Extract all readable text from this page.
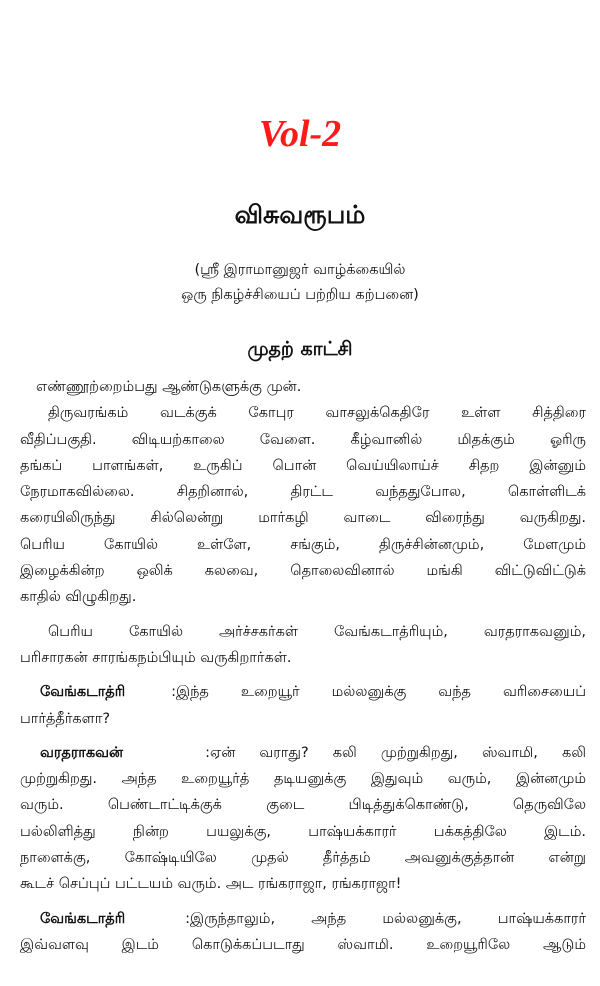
Vol-2
விசுவரூபம்
(ஸ்ரீ இராமானுஜர் வாழ்க்கையில்
ஒரு நிகழ்ச்சியைப் பற்றிய கற்பனை)
முதற் காட்சி
எண்ணூற்றைம்பது ஆண்டுகளுக்கு முன்.
திருவரங்கம் வடக்குக் கோபுர வாசலுக்கெதிரே உள்ள சித்திரை
வீதிப்பகுதி. விடியற்காலை வேளை. கீழ்வானில் மிதக்கும் ஓரிரு
தங்கப் பாளங்கள், உருகிப் பொன் வெய்யிலாய்ச் சிதற இன்னும்
நேரமாகவில்லை. சிதறினால், திரட்ட வந்ததுபோல, கொள்ளிடக்
கரையிலிருந்து சில்லென்று மார்கழி வாடை விரைந்து வருகிறது.
பெரிய கோயில் உள்ளே, சங்கும், திருச்சின்னமும், மேளமும்
இழைக்கின்ற ஒலிக் கலவை, தொலைவினால் மங்கி விட்டுவிட்டுக்
காதில் விழுகிறது.
பெரிய கோயில் அர்ச்சகர்கள் வேங்கடாத்ரியும், வரதராகவனும்,
பரிசாரகன் சாரங்கநம்பியும் வருகிறார்கள்.
வேங்கடாத்ரி	:இந்த உறையூர் மல்லனுக்கு வந்த வரிசையைப்
பார்த்தீர்களா?
வரதராகவன்	:ஏன் வராது? கலி முற்றுகிறது, ஸ்வாமி, கலி
முற்றுகிறது. அந்த உறையூர்த் தடியனுக்கு இதுவும் வரும், இன்னமும்
வரும். பெண்டாட்டிக்குக் குடை பிடித்துக்கொண்டு, தெருவிலே
பல்லிளித்து நின்ற பயலுக்கு, பாஷ்யக்காரர் பக்கத்திலே இடம்.
நாளைக்கு, கோஷ்டியிலே முதல் தீர்த்தம் அவனுக்குத்தான் என்று
கூடச் செப்புப் பட்டயம் வரும். அட ரங்கராஜா, ரங்கராஜா!
வேங்கடாத்ரி	:இருந்தாலும், அந்த மல்லனுக்கு, பாஷ்யக்காரர்
இவ்வளவு இடம் கொடுக்கப்படாது ஸ்வாமி. உறையூரிலே ஆடும்
